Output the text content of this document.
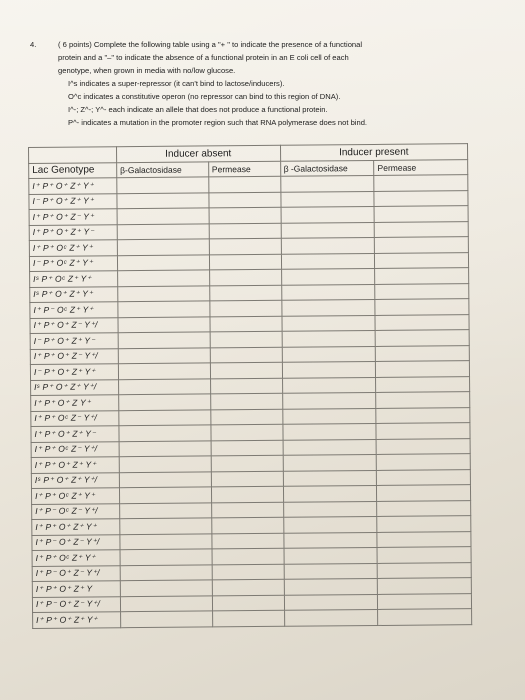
4.	( 6 points) Complete the following table using a "+ " to indicate the presence of a functional
protein and a "–" to indicate the absence of a functional protein in an E coli cell of each
genotype, when grown in media with no/low glucose.
I^s indicates a super-repressor (it can't bind to lactose/inducers).
O^c indicates a constitutive operon (no repressor can bind to this region of DNA).
I^-; Z^-; Y^- each indicate an allele that does not produce a functional protein.
P^- indicates a mutation in the promoter region such that RNA polymerase does not bind.
	Inducer absent		Inducer present	
Lac Genotype	β-Galactosidase	Permease	β -Galactosidase	Permease
I⁺ P⁺ O⁺ Z⁺ Y⁺				
I⁻ P⁺ O⁺ Z⁺ Y⁺				
I⁺ P⁺ O⁺ Z⁻ Y⁺				
I⁺ P⁺ O⁺ Z⁺ Y⁻				
I⁺ P⁺ Oᶜ Z⁺ Y⁺				
I⁻ P⁺ Oᶜ Z⁺ Y⁺				
Iˢ P⁺ Oᶜ Z⁺ Y⁺				
Iˢ P⁺ O⁺ Z⁺ Y⁺				
I⁺ P⁻ Oᶜ Z⁺ Y⁺				
I⁺ P⁺ O⁺ Z⁻ Y⁺/				
I⁻ P⁺ O⁺ Z⁺ Y⁻				
I⁺ P⁺ O⁺ Z⁻ Y⁺/				
I⁻ P⁺ O⁺ Z⁺ Y⁺				
Iˢ P⁺ O⁺ Z⁺ Y⁺/				
I⁺ P⁺ O⁺ Z Y⁺				
I⁺ P⁺ Oᶜ Z⁻ Y⁺/				
I⁺ P⁺ O⁺ Z⁺ Y⁻				
I⁺ P⁺ Oᶜ Z⁻ Y⁺/				
I⁺ P⁺ O⁺ Z⁺ Y⁺				
Iˢ P⁺ O⁺ Z⁺ Y⁺/				
I⁺ P⁺ Oᶜ Z⁺ Y⁺				
I⁺ P⁻ Oᶜ Z⁻ Y⁺/				
I⁺ P⁺ O⁺ Z⁺ Y⁺				
I⁺ P⁻ O⁺ Z⁻ Y⁺/				
I⁺ P⁺ Oᶜ Z⁺ Y⁺				
I⁺ P⁻ O⁺ Z⁻ Y⁺/				
I⁺ P⁺ O⁺ Z⁺ Y				
I⁺ P⁻ O⁺ Z⁻ Y⁺/				
I⁺ P⁺ O⁺ Z⁺ Y⁺				
